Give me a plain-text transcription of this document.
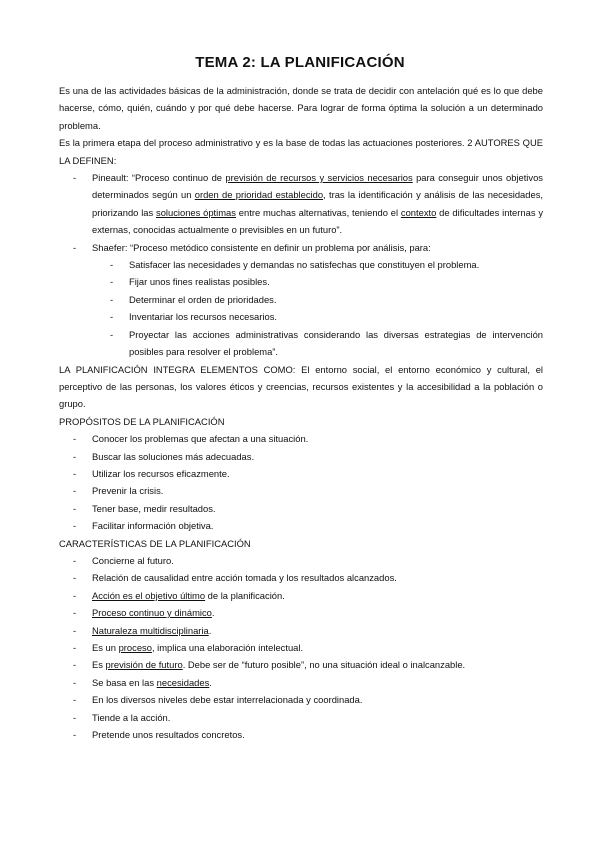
TEMA 2: LA PLANIFICACIÓN

Es una de las actividades básicas de la administración, donde se trata de decidir con antelación qué es lo que debe hacerse, cómo, quién, cuándo y por qué debe hacerse. Para lograr de forma óptima la solución a un determinado problema.

Es la primera etapa del proceso administrativo y es la base de todas las actuaciones posteriores. 2 AUTORES QUE LA DEFINEN:

- Pineault: “Proceso continuo de previsión de recursos y servicios necesarios para conseguir unos objetivos determinados según un orden de prioridad establecido, tras la identificación y análisis de las necesidades, priorizando las soluciones óptimas entre muchas alternativas, teniendo el contexto de dificultades internas y externas, conocidas actualmente o previsibles en un futuro”.
- Shaefer: “Proceso metódico consistente en definir un problema por análisis, para:
- Satisfacer las necesidades y demandas no satisfechas que constituyen el problema.
- Fijar unos fines realistas posibles.
- Determinar el orden de prioridades.
- Inventariar los recursos necesarios.
- Proyectar las acciones administrativas considerando las diversas estrategias de intervención posibles para resolver el problema”.

LA PLANIFICACIÓN INTEGRA ELEMENTOS COMO: El entorno social, el entorno económico y cultural, el perceptivo de las personas, los valores éticos y creencias, recursos existentes y la accesibilidad a la población o grupo.

PROPÓSITOS DE LA PLANIFICACIÓN

- Conocer los problemas que afectan a una situación.
- Buscar las soluciones más adecuadas.
- Utilizar los recursos eficazmente.
- Prevenir la crisis.
- Tener base, medir resultados.
- Facilitar información objetiva.

CARACTERÍSTICAS DE LA PLANIFICACIÓN

- Concierne al futuro.
- Relación de causalidad entre acción tomada y los resultados alcanzados.
- Acción es el objetivo último de la planificación.
- Proceso continuo y dinámico.
- Naturaleza multidisciplinaria.
- Es un proceso, implica una elaboración intelectual.
- Es previsión de futuro. Debe ser de “futuro posible”, no una situación ideal o inalcanzable.
- Se basa en las necesidades.
- En los diversos niveles debe estar interrelacionada y coordinada.
- Tiende a la acción.
- Pretende unos resultados concretos.
